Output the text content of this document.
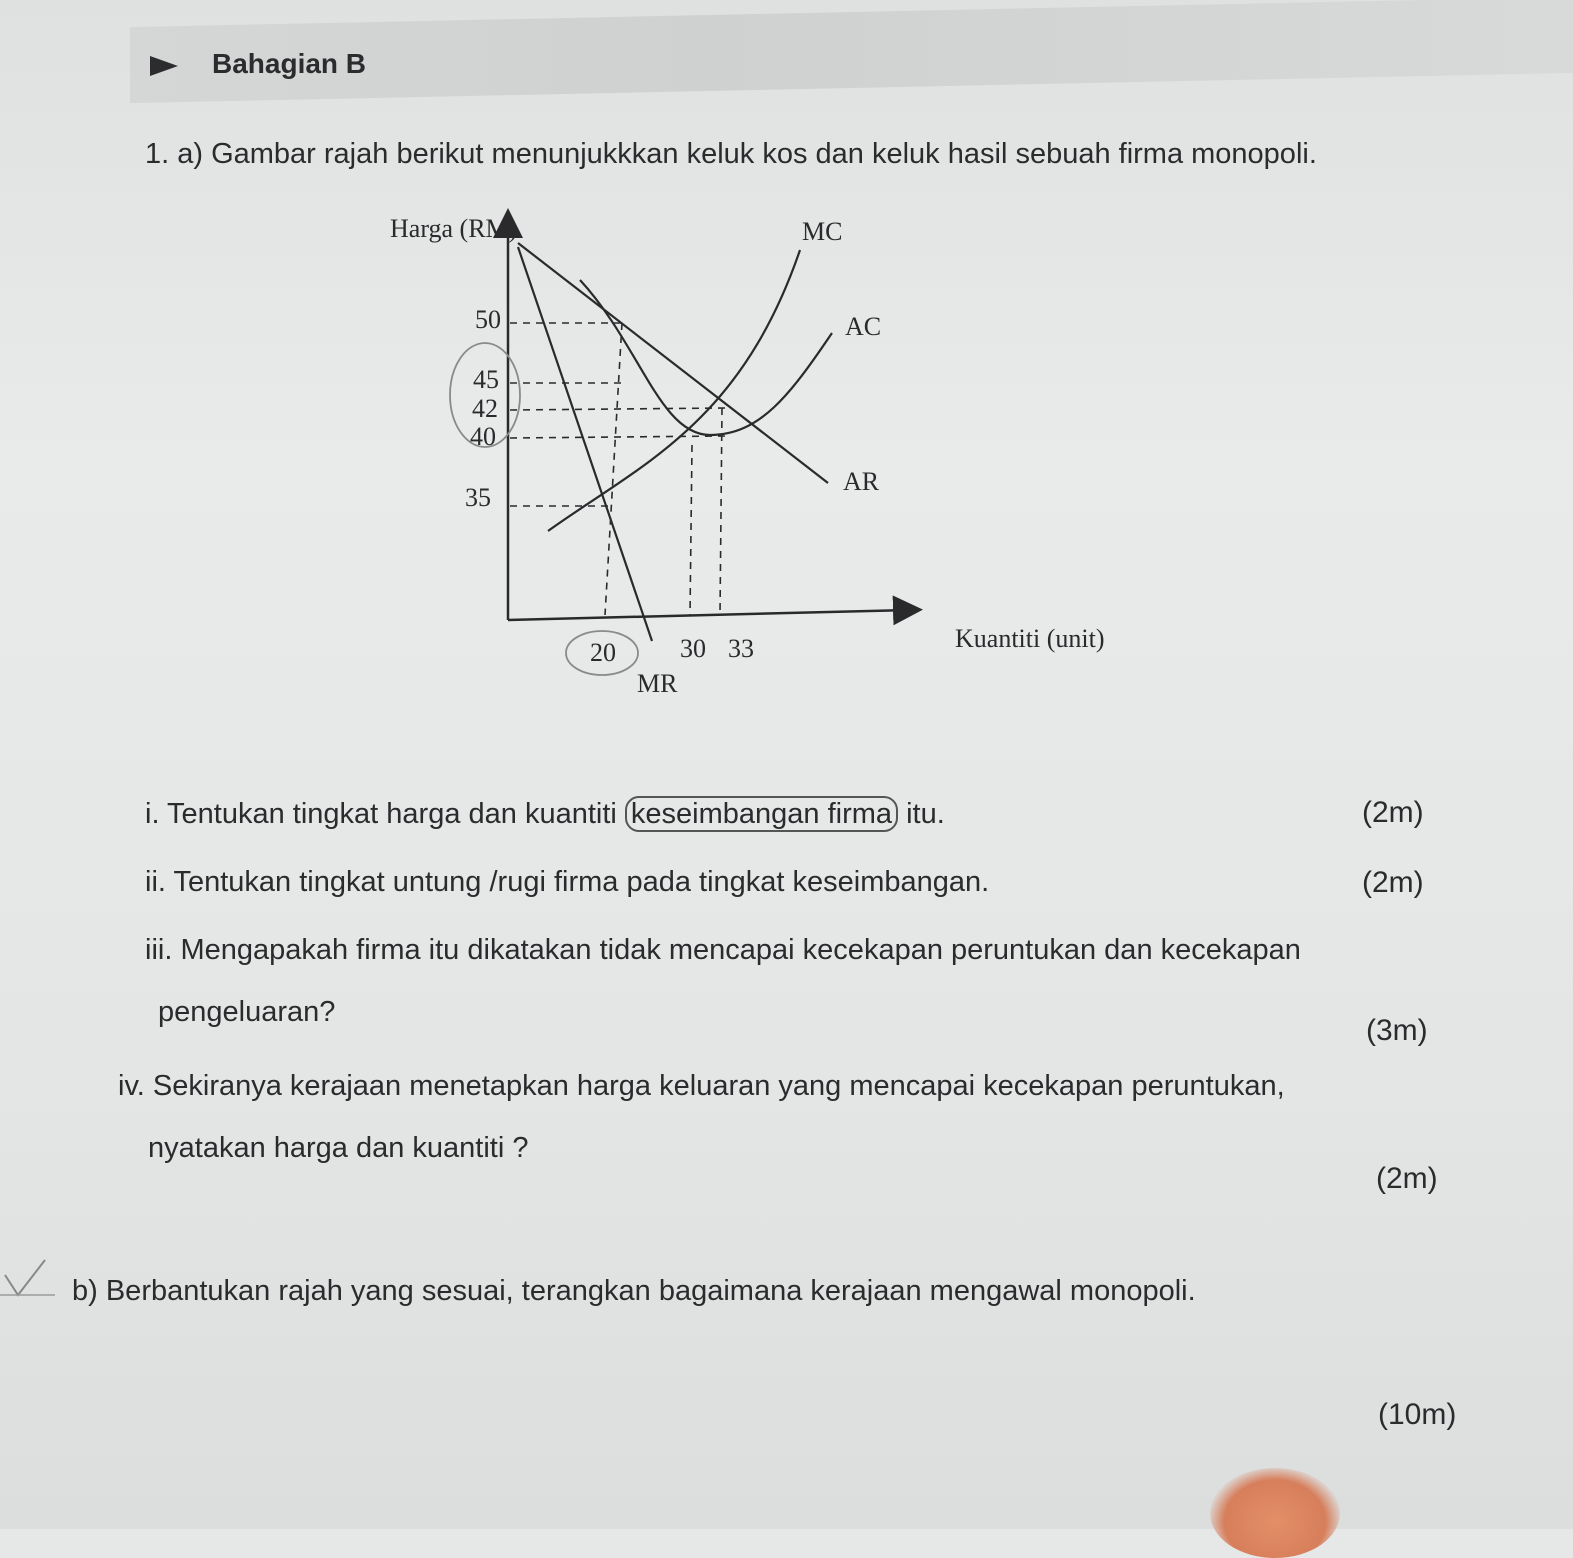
Bahagian B
1. a) Gambar rajah berikut menunjukkkan keluk kos dan keluk hasil sebuah firma monopoli.
Harga (RM)
Kuantiti (unit)
50
45
42
40
35
20 30 33
MC
AC
AR
MR
i. Tentukan tingkat harga dan kuantiti keseimbangan firma itu.	(2m)
ii. Tentukan tingkat untung /rugi firma pada tingkat keseimbangan.	(2m)
iii. Mengapakah firma itu dikatakan tidak mencapai kecekapan peruntukan dan kecekapan
pengeluaran?
(3m)
iv. Sekiranya kerajaan menetapkan harga keluaran yang mencapai kecekapan peruntukan,
nyatakan harga dan kuantiti ?
(2m)
b) Berbantukan rajah yang sesuai, terangkan bagaimana kerajaan mengawal monopoli.
(10m)
